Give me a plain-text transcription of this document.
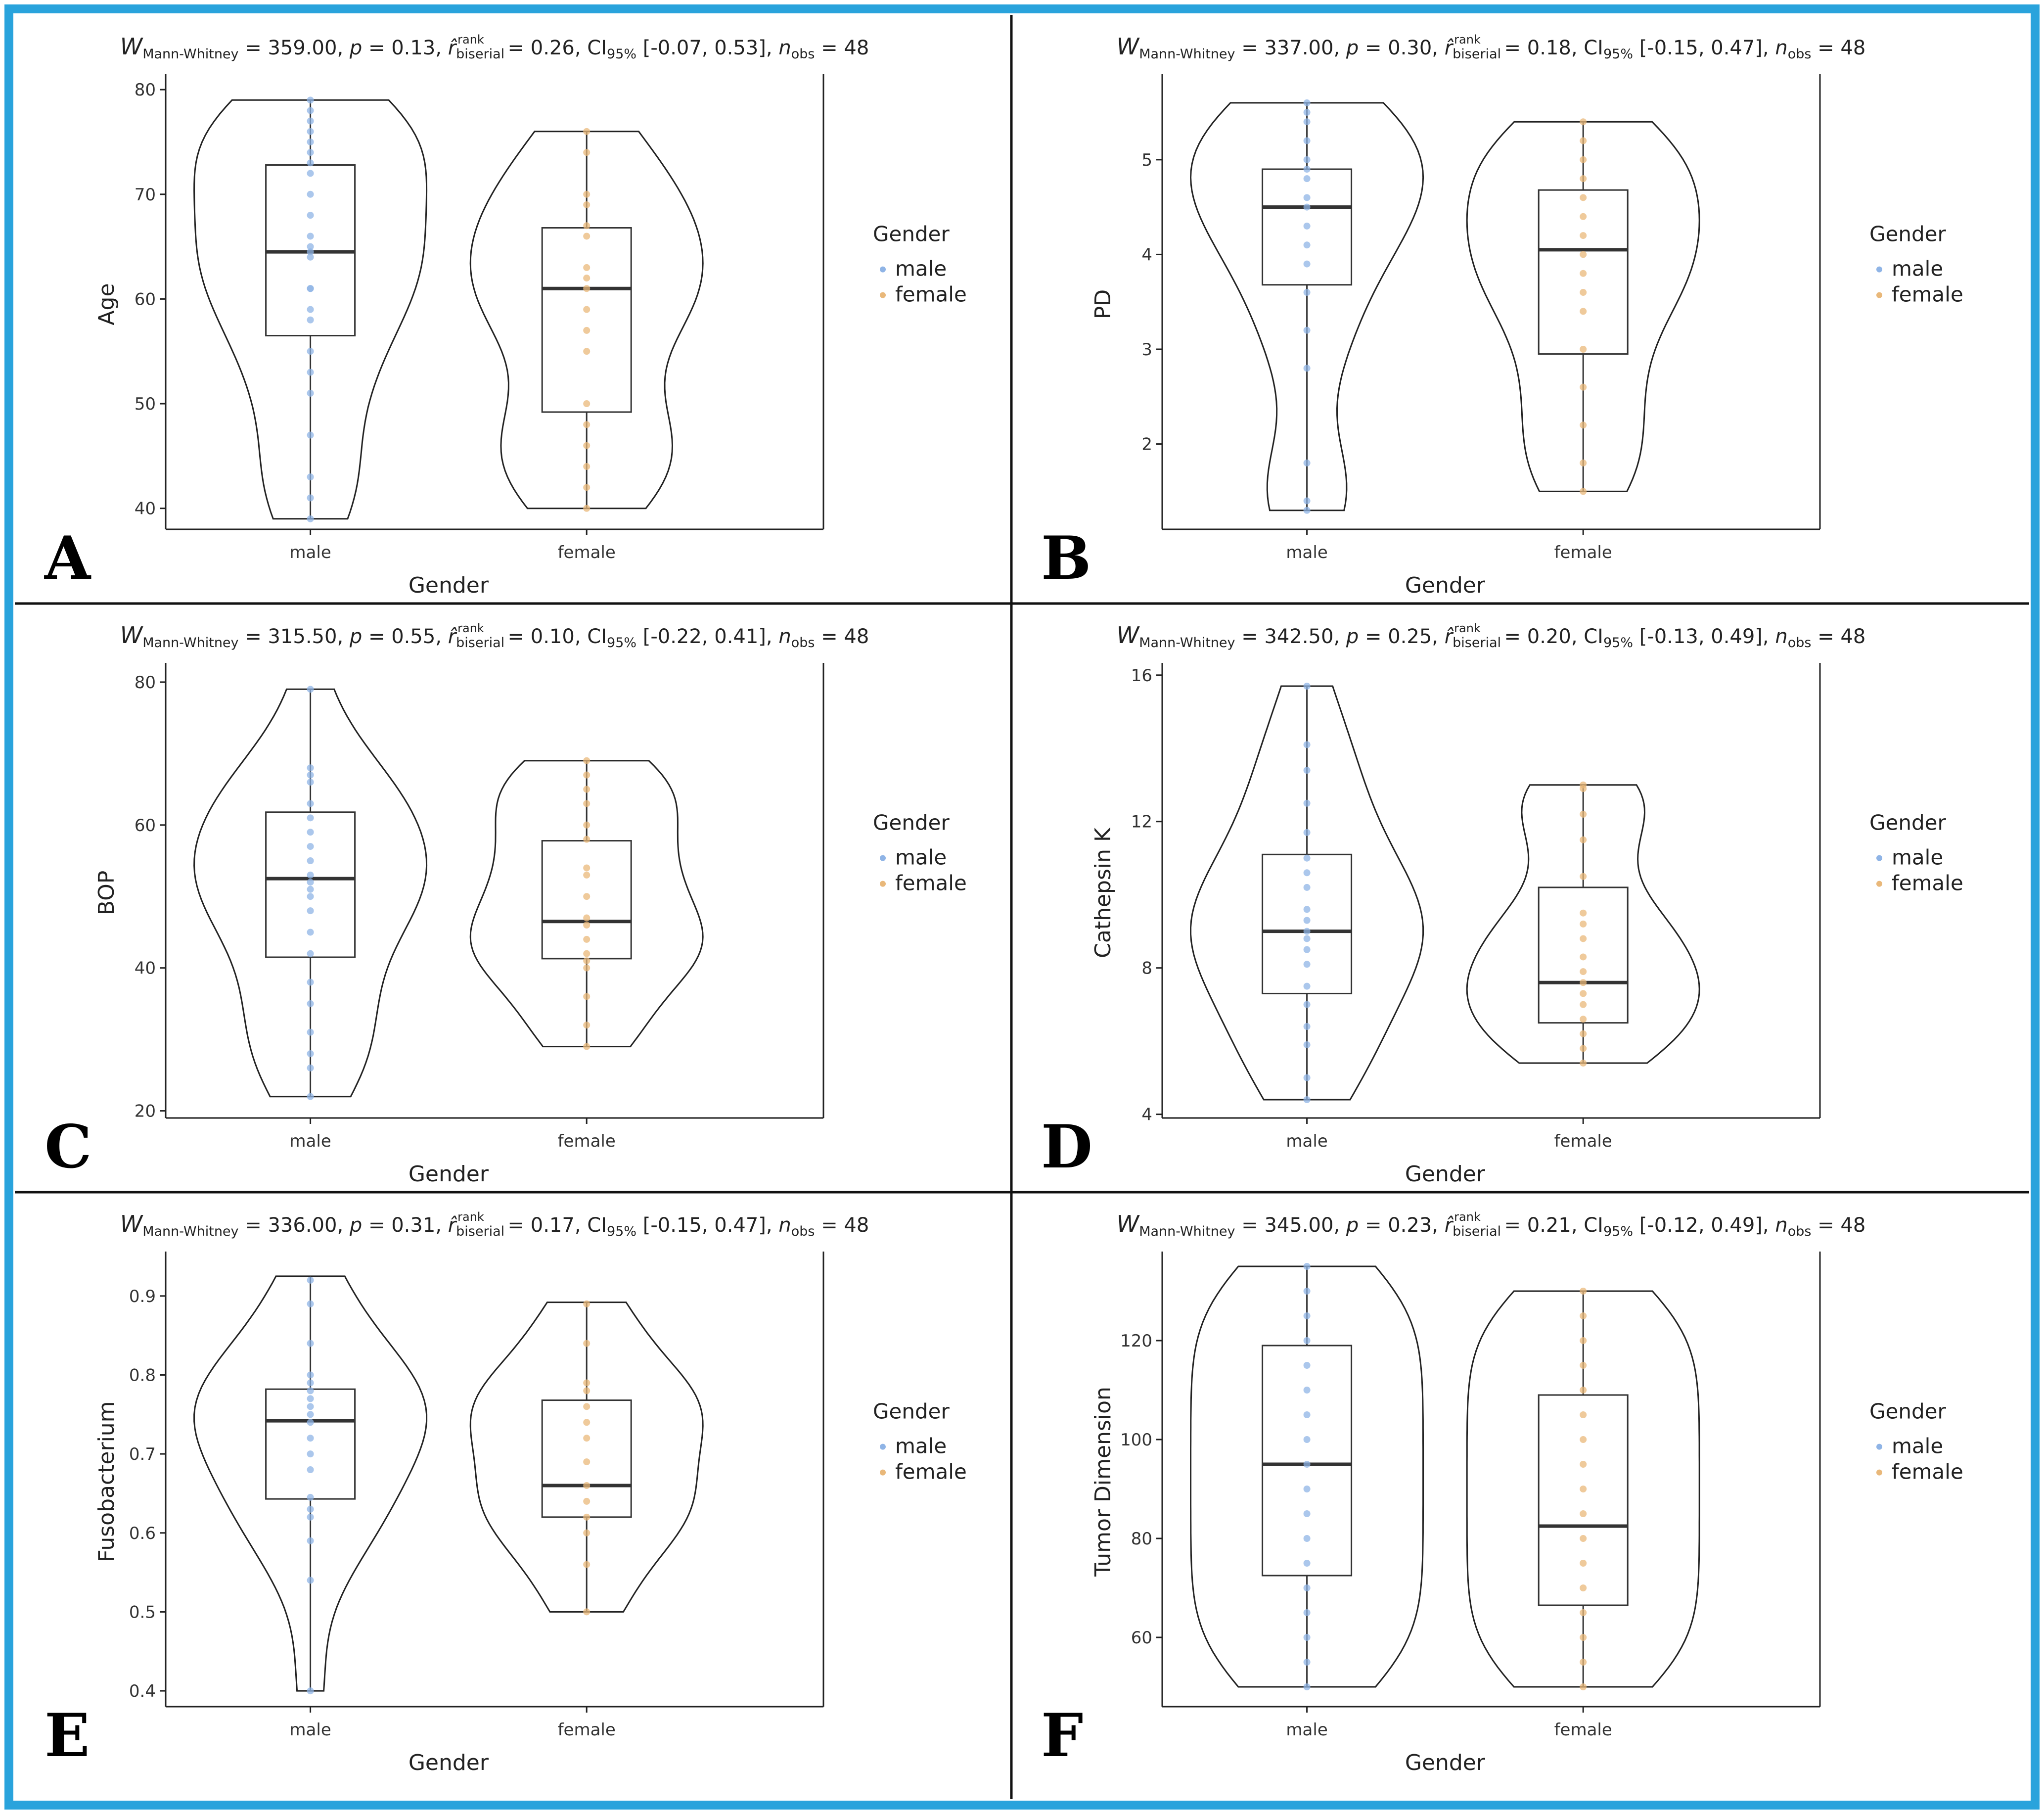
$W_{Mann-Whitney} = 359.00$, p = 0.13, $r̂_{biserial}rank = 0.26$, $CI_{95\%}$ [-0.07, 0.53], $n_{obs} = 48$
40
50
60
70
80
male	female
Gender
Age
Gender
male
female
A
$W_{Mann-Whitney} = 337.00$, p = 0.30, $r̂_{biserial}rank = 0.18$, $CI_{95\%}$ [-0.15, 0.47], $n_{obs} = 48$
2
3
4
5
male	female
Gender
PD
Gender
male
female
B
$W_{Mann-Whitney} = 315.50$, p = 0.55, $r̂_{biserial}rank = 0.10$, $CI_{95\%}$ [-0.22, 0.41], $n_{obs} = 48$
20
40
60
80
male	female
Gender
BOP
Gender
male
female
C
$W_{Mann-Whitney} = 342.50$, p = 0.25, $r̂_{biserial}rank = 0.20$, $CI_{95\%}$ [-0.13, 0.49], $n_{obs} = 48$
4
8
12
16
male	female
Gender
Cathepsin K
Gender
male
female
D
$W_{Mann-Whitney} = 336.00$, p = 0.31, $r̂_{biserial}rank = 0.17$, $CI_{95\%}$ [-0.15, 0.47], $n_{obs} = 48$
0.4
0.5
0.6
0.7
0.8
0.9
male	female
Gender
Fusobacterium	Gender
male
female
E
$W_{Mann-Whitney} = 345.00$, p = 0.23, $r̂_{biserial}rank = 0.21$, $CI_{95\%}$ [-0.12, 0.49], $n_{obs} = 48$
60
80
100
120
male	female
Gender
Tumor Dimension	Gender
male
female
F
